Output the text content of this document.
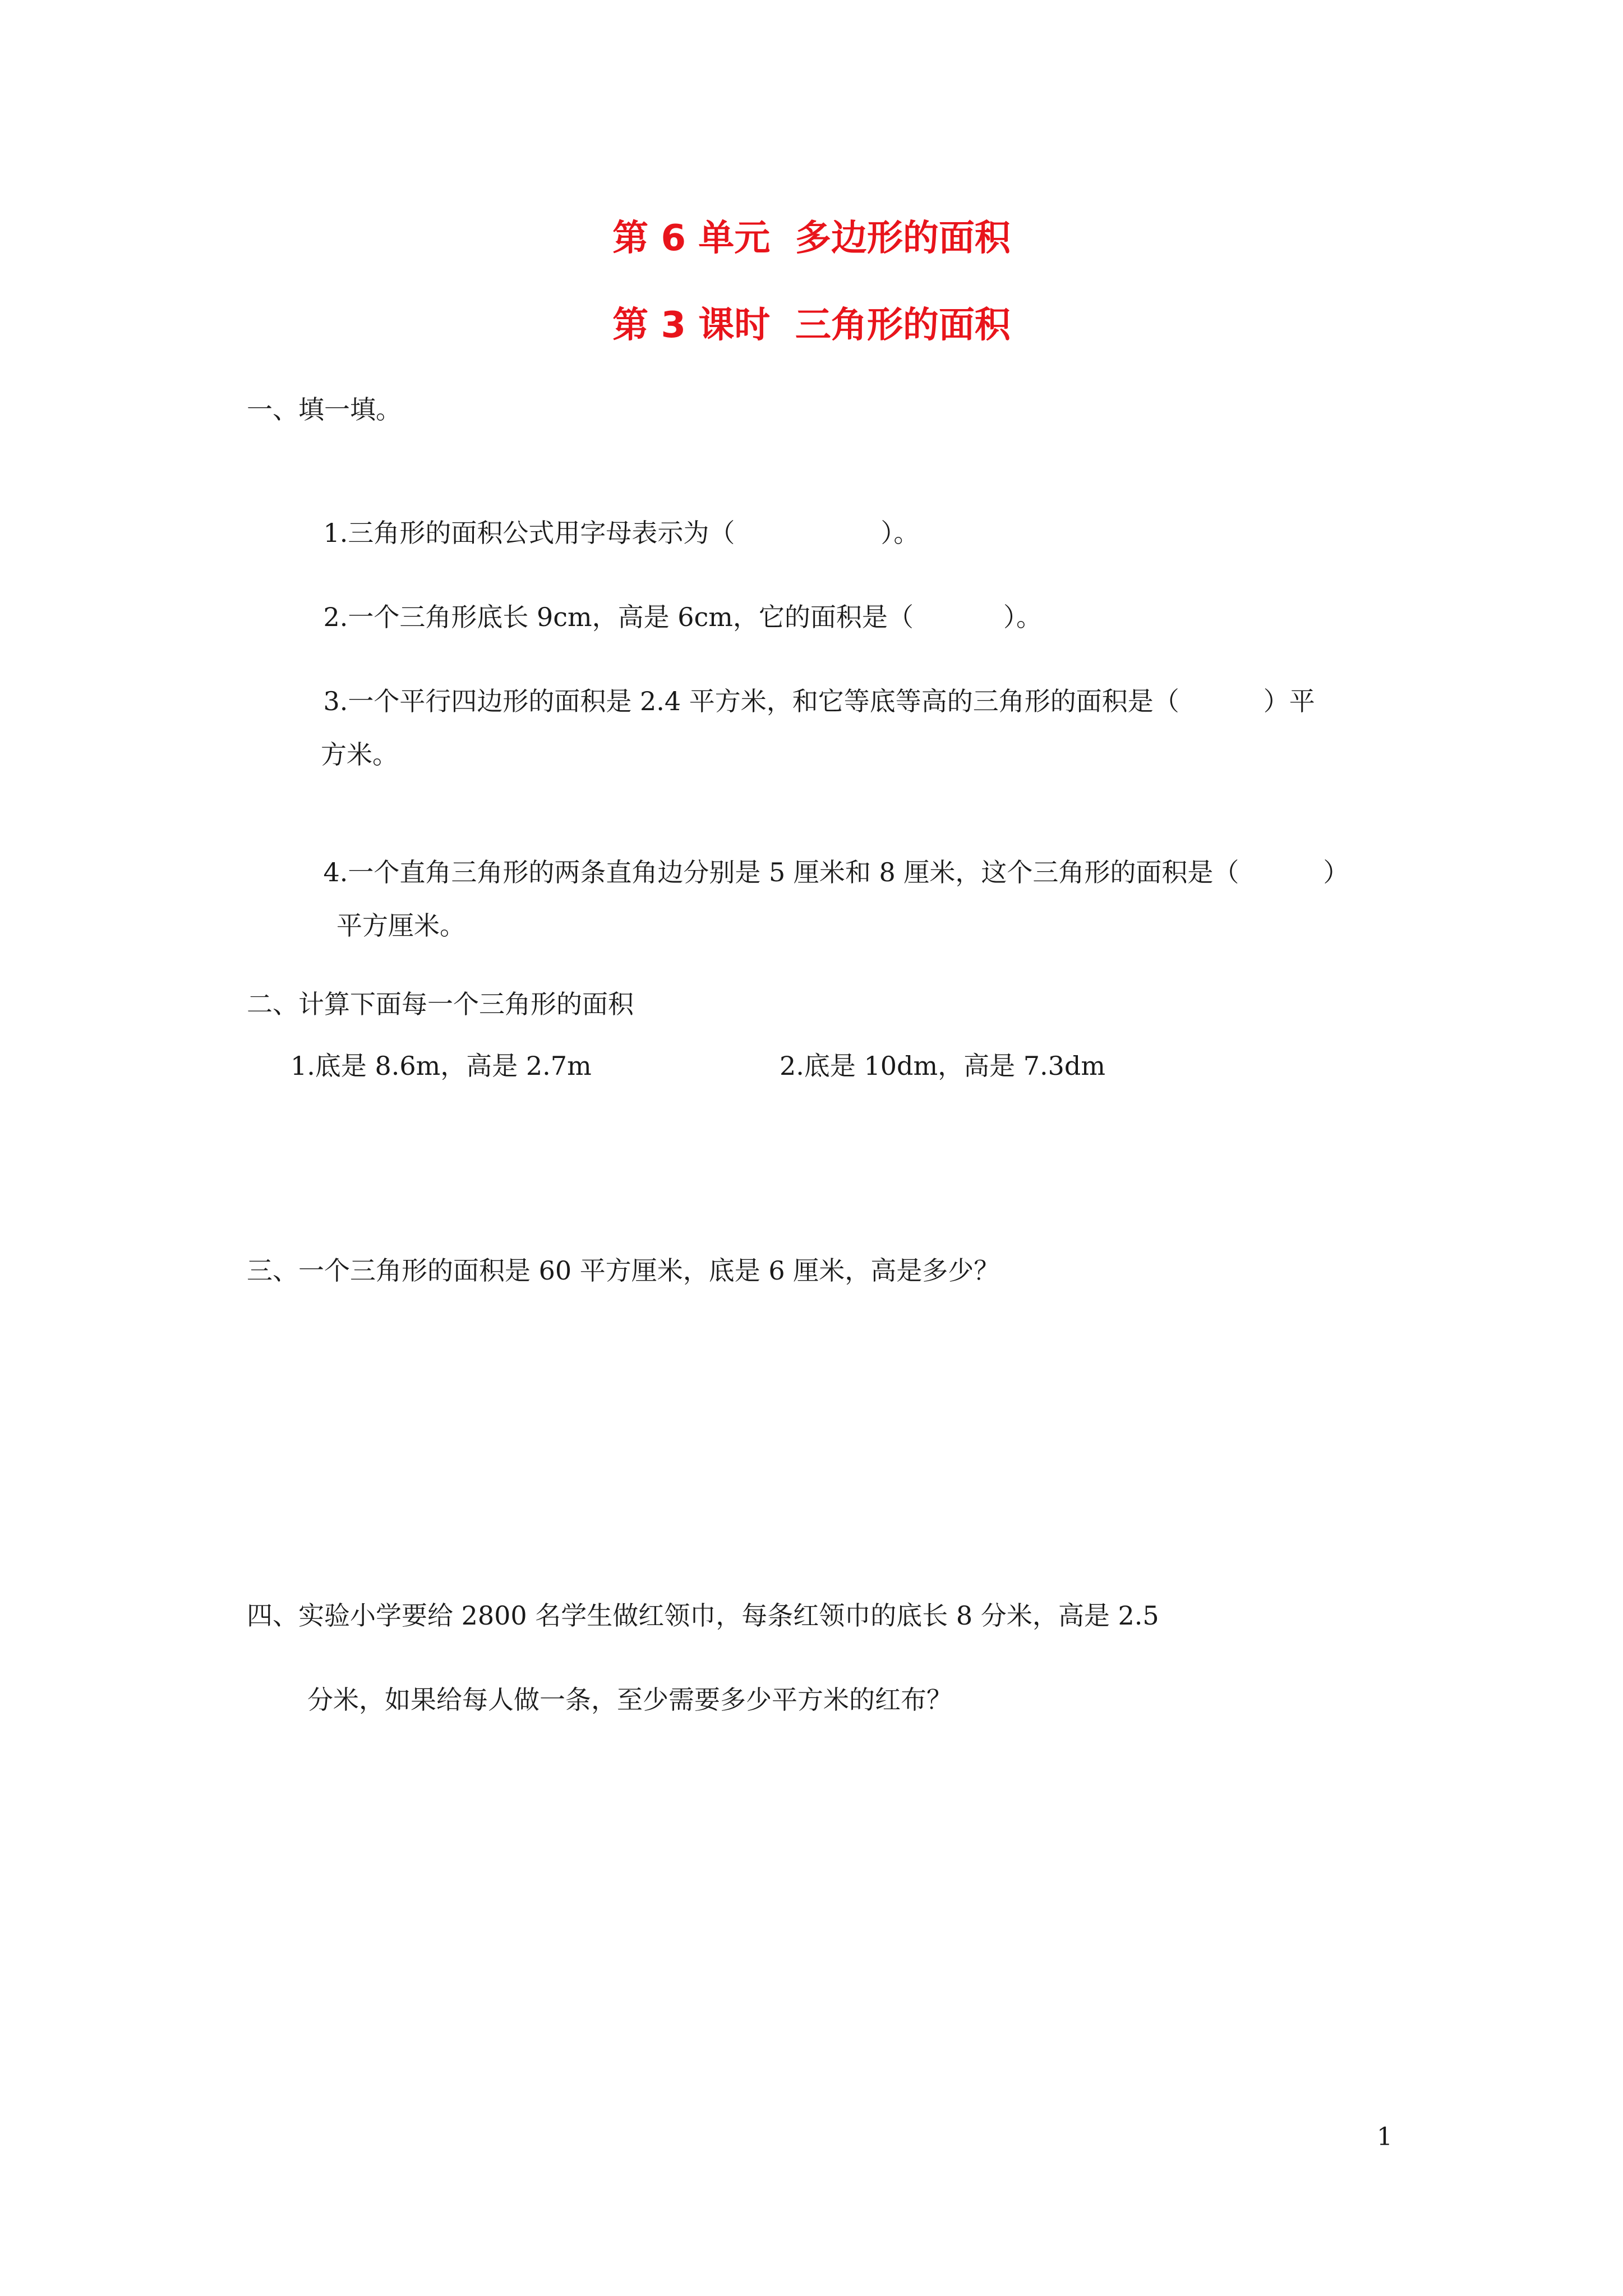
第 6 单元  多边形的面积
第 3 课时  三角形的面积
一、填一填。

1.三角形的面积公式用字母表示为（	）。

2.一个三角形底长 9cm，高是 6cm，它的面积是（	）。

3.一个平行四边形的面积是 2.4 平方米，和它等底等高的三角形的面积是（	）平

方米。

4.一个直角三角形的两条直角边分别是 5 厘米和 8 厘米，这个三角形的面积是（	）

平方厘米。
二、计算下面每一个三角形的面积
1.底是 8.6m，高是 2.7m	2.底是 10dm，高是 7.3dm
三、一个三角形的面积是 60 平方厘米，底是 6 厘米，高是多少？
四、实验小学要给 2800 名学生做红领巾，每条红领巾的底长 8 分米，高是 2.5
分米，如果给每人做一条，至少需要多少平方米的红布？
1
